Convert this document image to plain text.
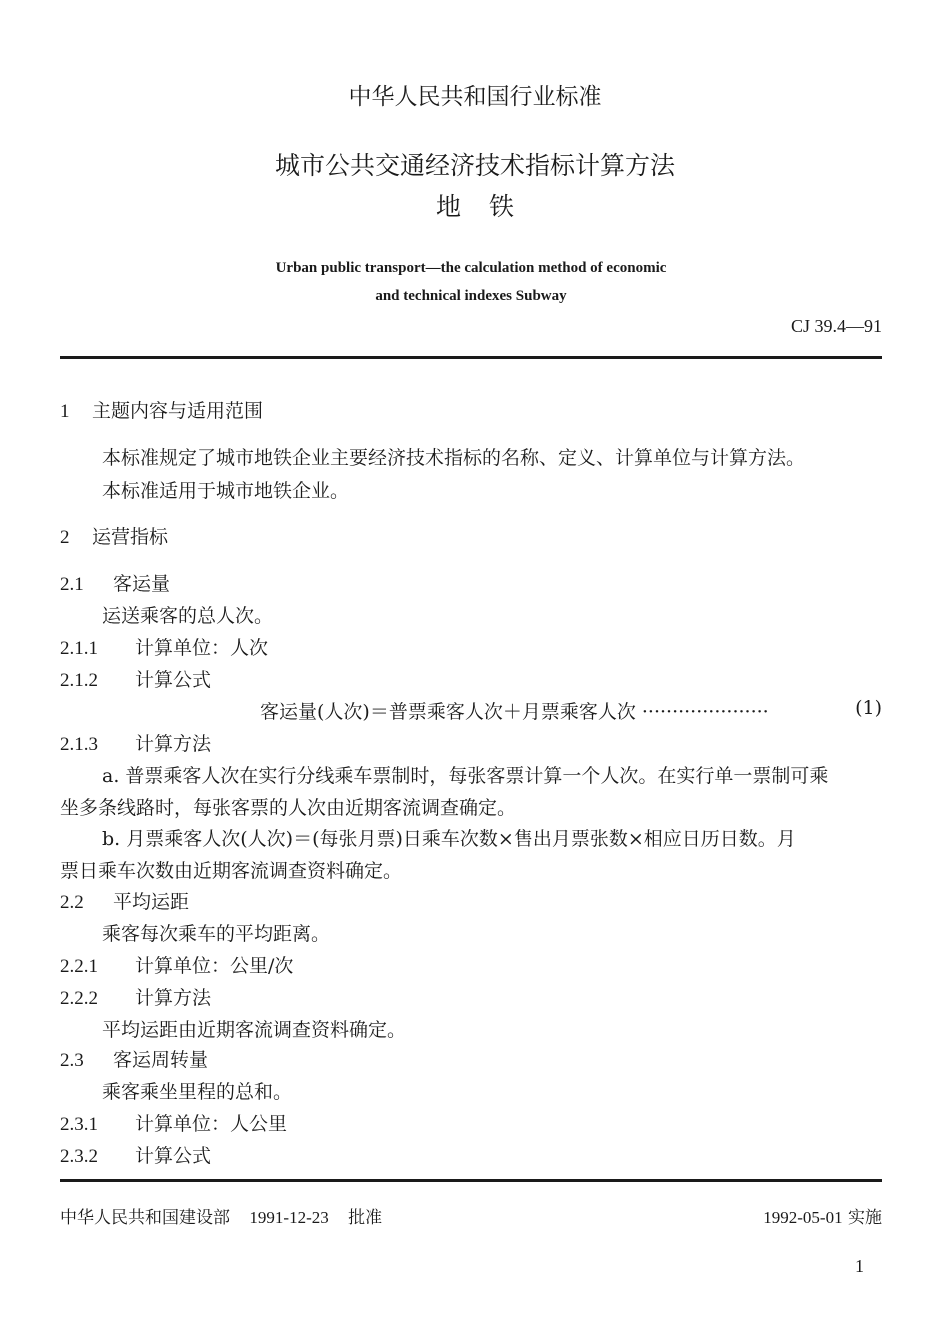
中华人民共和国行业标准
城市公共交通经济技术指标计算方法
地铁
Urban public transport—the calculation method of economic
and technical indexes Subway
CJ 39.4—91
1 主题内容与适用范围
本标准规定了城市地铁企业主要经济技术指标的名称、定义、计算单位与计算方法。
本标准适用于城市地铁企业。
2 运营指标
2.1 客运量
运送乘客的总人次。
2.1.1 计算单位：人次
2.1.2 计算公式
客运量(人次)＝普票乘客人次＋月票乘客人次 ·····················	(1)
2.1.3 计算方法
a. 普票乘客人次在实行分线乘车票制时，每张客票计算一个人次。在实行单一票制可乘
坐多条线路时，每张客票的人次由近期客流调查确定。
b. 月票乘客人次(人次)＝(每张月票)日乘车次数×售出月票张数×相应日历日数。月
票日乘车次数由近期客流调查资料确定。
2.2 平均运距
乘客每次乘车的平均距离。
2.2.1 计算单位：公里/次
2.2.2 计算方法
平均运距由近期客流调查资料确定。
2.3 客运周转量
乘客乘坐里程的总和。
2.3.1 计算单位：人公里
2.3.2 计算公式
中华人民共和国建设部 1991-12-23 批准	1992-05-01 实施
1
